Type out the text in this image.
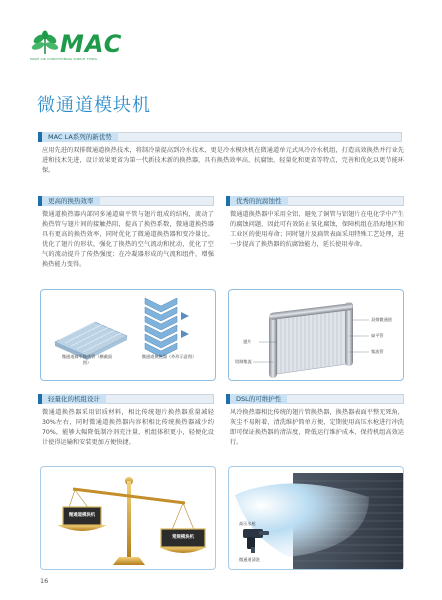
MAC
MAKE AIR CONDITIONING SIMPLE THING
微通道模块机
MAC LA系列的新优势

应用先进的双排微通道换热技术，将制冷量提高到冷水技术，更是冷水模块机在微通道单元式风冷冷水机组，打造高效换热并行业先进和技术先进，设计效果更省为第一代新技术新的换热器，具有换热效率高、抗腐蚀、轻量化和更省等特点，完善和优化以更节能环保。

更高的换热效率

微通道换热器内部同多通道扁平管与翅片组成的结构，流动了换热管与翅片间的接触热阻，提高了换热系数，微通道换热器具有更高的换热效率，同时优化了微通道换热器和变冷量比、优化了翅片的形状，强化了换热的空气流动和扰动，优化了空气的流动提升了传热强度；在冷凝器形成的气流和组件，增强换热能力变得。

微通道扁平换热管（横截面图）
微通道换热器（外形示意图）
优秀的抗腐蚀性

微通道换热器中采用全铝，避免了铜管与铝翅片在电化学中产生的腐蚀问题，因此可有效防止氧化腐蚀，保障机组在沿海地区和工业区的使用寿命；同时翅片及扁管表面采用特殊工艺处理，进一步提高了换热器的抗腐蚀能力，延长使用寿命。

双排微通道
扁平管
集流管
翅片
铝制集流
轻量化的机组设计

微通道换热器采用铝质材料，相比传统翅片换热器重量减轻30%左右，同时微通道换热器内容积相比传统换热器减少约70%，能够大幅降低制冷剂充注量，机组体积更小，轻便化设计使得运输和安装更加方便快捷。

微通道模块机
常规模块机
DSL的可维护性

风冷换热器相比传统的翅片管换热器，换热器表面平整无死角，灰尘不易附着，清洗维护简单方便，定期使用高压水枪进行冲洗即可保证换热器的清洁度，降低运行维护成本，保持机组高效运行。

高压水枪
微通道清洗
16
